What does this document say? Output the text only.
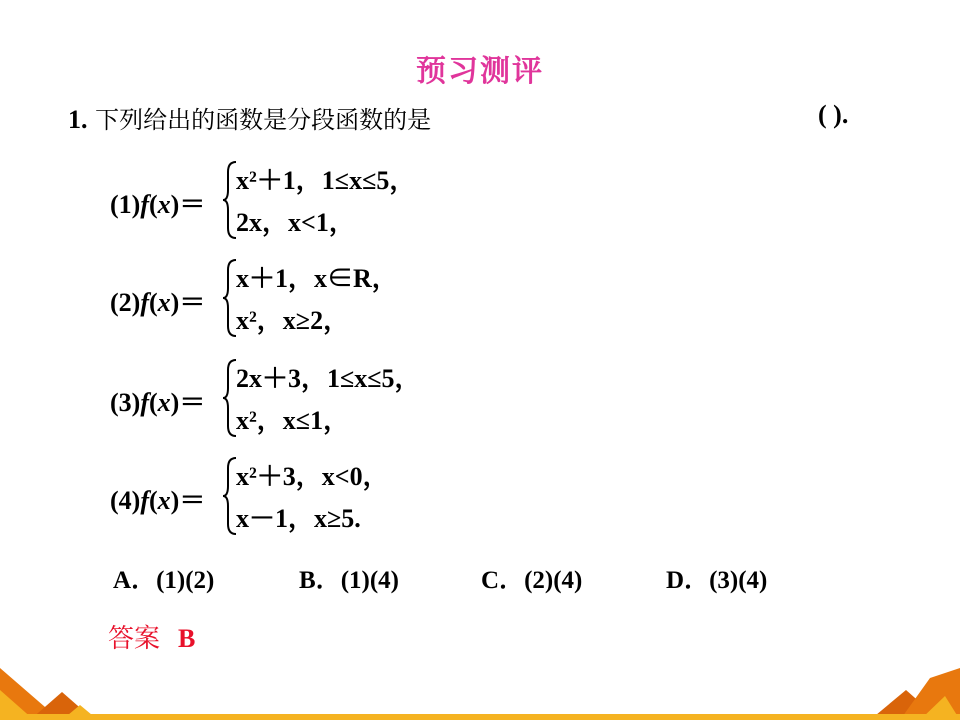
预习测评
1. 下列给出的函数是分段函数的是	( ).
(1)f(x)＝
x²＋1，1≤x≤5，
2x，x<1，
(2)f(x)＝
x＋1，x∈R，
x²，x≥2，
(3)f(x)＝
2x＋3，1≤x≤5，
x²，x≤1，
(4)f(x)＝
x²＋3，x<0，
x－1，x≥5.
A．(1)(2)	B．(1)(4)	C．(2)(4)	D．(3)(4)
答案 B
